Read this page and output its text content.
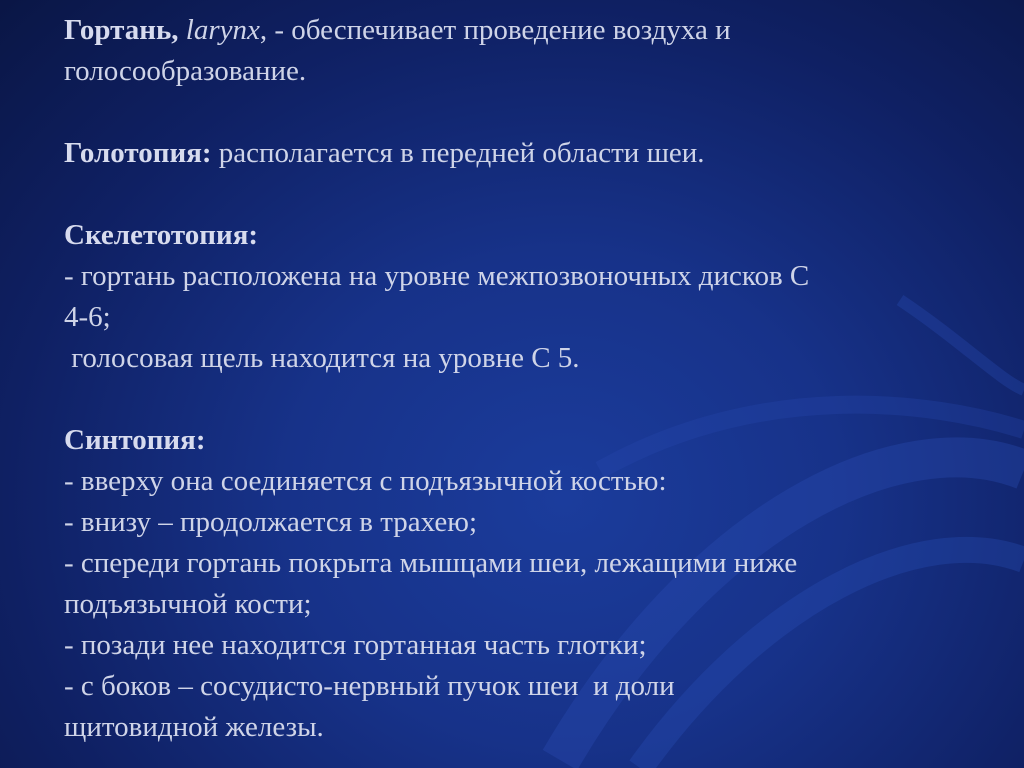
Гортань, larynx, - обеспечивает проведение воздуха и

голосообразование.

Голотопия: располагается в передней области шеи.

Скелетотопия:

- гортань расположена на уровне межпозвоночных дисков С

4-6;

голосовая щель находится на уровне С 5.

Синтопия:

- вверху она соединяется с подъязычной костью:

- внизу – продолжается в трахею;

- спереди гортань покрыта мышцами шеи, лежащими ниже

подъязычной кости;

- позади нее находится гортанная часть глотки;

- с боков – сосудисто-нервный пучок шеи  и доли

щитовидной железы.
